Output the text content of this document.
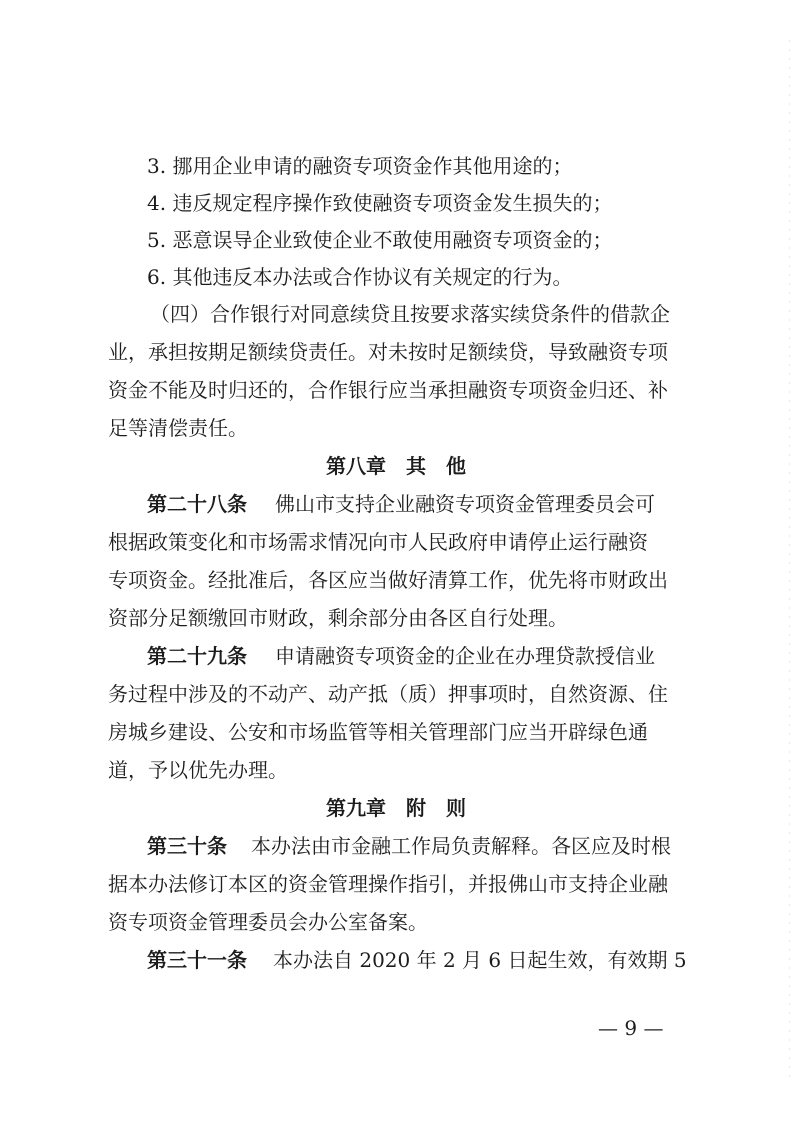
3. 挪用企业申请的融资专项资金作其他用途的；
4. 违反规定程序操作致使融资专项资金发生损失的；
5. 恶意误导企业致使企业不敢使用融资专项资金的；
6. 其他违反本办法或合作协议有关规定的行为。
（四）合作银行对同意续贷且按要求落实续贷条件的借款企
业，承担按期足额续贷责任。对未按时足额续贷，导致融资专项
资金不能及时归还的，合作银行应当承担融资专项资金归还、补
足等清偿责任。
第八章　其　他
第二十八条 佛山市支持企业融资专项资金管理委员会可
根据政策变化和市场需求情况向市人民政府申请停止运行融资
专项资金。经批准后，各区应当做好清算工作，优先将市财政出
资部分足额缴回市财政，剩余部分由各区自行处理。
第二十九条 申请融资专项资金的企业在办理贷款授信业
务过程中涉及的不动产、动产抵（质）押事项时，自然资源、住
房城乡建设、公安和市场监管等相关管理部门应当开辟绿色通
道，予以优先办理。
第九章　附　则
第三十条 本办法由市金融工作局负责解释。各区应及时根
据本办法修订本区的资金管理操作指引，并报佛山市支持企业融
资专项资金管理委员会办公室备案。
第三十一条 本办法自 2020 年 2 月 6 日起生效，有效期 5
— 9 —
